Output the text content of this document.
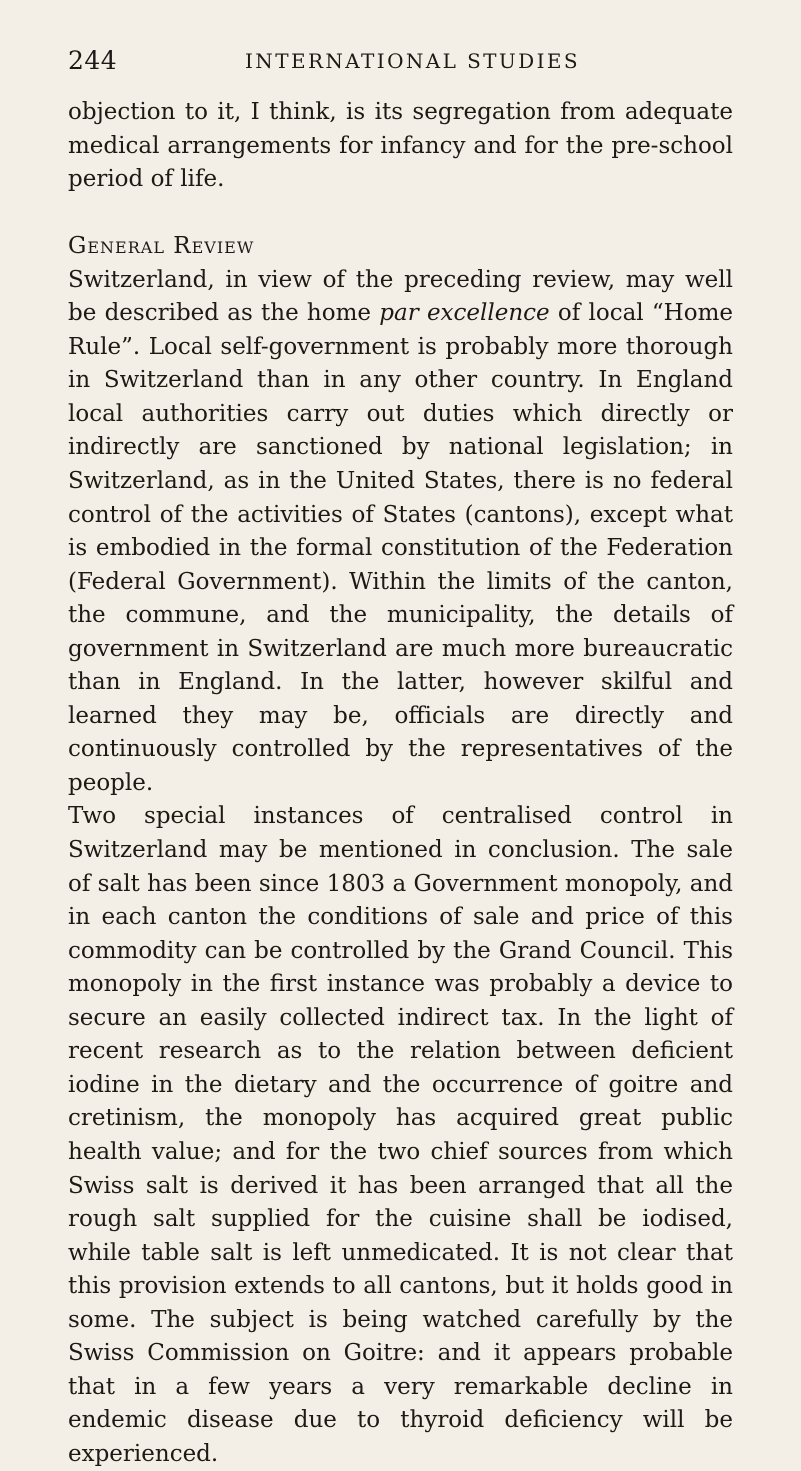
244	INTERNATIONAL STUDIES

objection to it, I think, is its segregation from adequate medical arrangements for infancy and for the pre-school period of life.

General Review

Switzerland, in view of the preceding review, may well be described as the home par excellence of local “Home Rule”. Local self-government is probably more thorough in Switzerland than in any other country. In England local authorities carry out duties which directly or indirectly are sanctioned by national legislation; in Switzerland, as in the United States, there is no federal control of the activities of States (cantons), except what is embodied in the formal constitution of the Federation (Federal Government). Within the limits of the canton, the commune, and the municipality, the details of government in Switzerland are much more bureaucratic than in England. In the latter, however skilful and learned they may be, officials are directly and continuously controlled by the representatives of the people.

Two special instances of centralised control in Switzerland may be mentioned in conclusion. The sale of salt has been since 1803 a Government monopoly, and in each canton the conditions of sale and price of this commodity can be controlled by the Grand Council. This monopoly in the first instance was probably a device to secure an easily collected indirect tax. In the light of recent research as to the relation between deficient iodine in the dietary and the occurrence of goitre and cretinism, the monopoly has acquired great public health value; and for the two chief sources from which Swiss salt is derived it has been arranged that all the rough salt supplied for the cuisine shall be iodised, while table salt is left unmedicated. It is not clear that this provision extends to all cantons, but it holds good in some. The subject is being watched carefully by the Swiss Commission on Goitre: and it appears probable that in a few years a very remarkable decline in endemic disease due to thyroid deficiency will be experienced.
